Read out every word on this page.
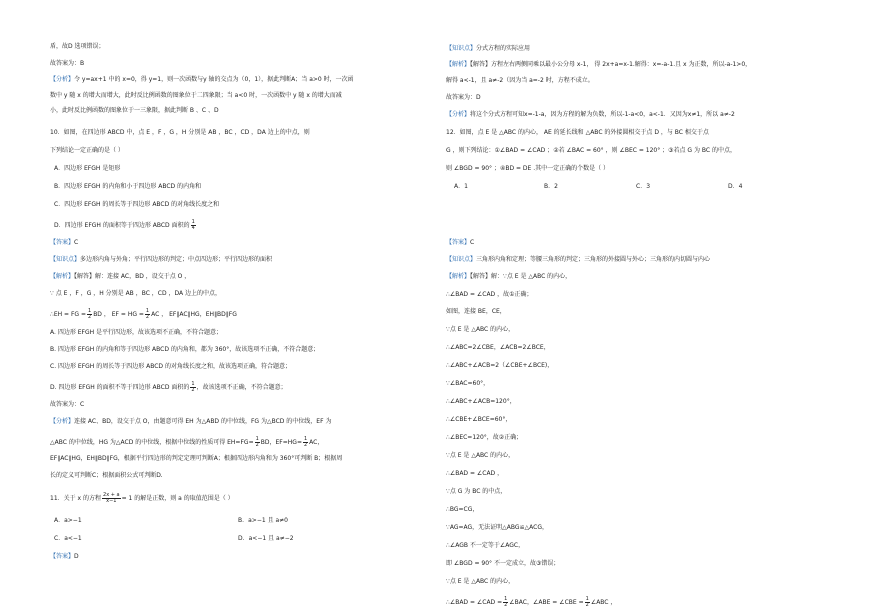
盾，故D 选项错误；
故答案为：B
【分析】令 y=ax+1 中的 x=0，得 y=1，则一次函数与y 轴的交点为（0，1），据此判断A；当 a>0 时，一次函
数中 y 随 x 的增大而增大，此时反比例函数的图象位于二四象限；当 a<0 时，一次函数中 y 随 x 的增大而减
小，此时反比例函数的图象位于一三象限，据此判断 B 、C 、D
10．如图，在四边形 ABCD 中，点 E ，F ，G ，H 分别是 AB ，BC ，CD ，DA 边上的中点，则
下列结论一定正确的是（ ）
A．四边形 EFGH 是矩形
B．四边形 EFGH 的内角和小于四边形 ABCD 的内角和
C．四边形 EFGH 的周长等于四边形 ABCD 的对角线长度之和
D．四边形 EFGH 的面积等于四边形 ABCD 面积的 $\frac{1}{4}$
【答案】C
【知识点】多边形内角与外角；平行四边形的判定；中点四边形；平行四边形的面积
【解析】【解答】解：连接 AC，BD ，设交于点 O ，
∵ 点 E ，F ，G ，H 分别是 AB ，BC ，CD ，DA 边上的中点，
∴EH = FG = $\frac{1}{2}$ BD ， EF = HG = $\frac{1}{2}$ AC ， EF∥AC∥HG，EH∥BD∥FG
A. 四边形 EFGH 是平行四边形，故该选项不正确，不符合题意；
B. 四边形 EFGH 的内角和等于四边形 ABCD 的内角和，都为 360°，故该选项不正确，不符合题意；
C. 四边形 EFGH 的周长等于四边形 ABCD 的对角线长度之和，故该选项正确，符合题意；
D. 四边形 EFGH 的面积不等于四边形 ABCD 面积的 $\frac{1}{2}$ ，故该选项不正确，不符合题意；
故答案为：C
【分析】连接 AC、BD，设交于点 O，由题意可得 EH 为△ABD 的中位线，FG 为△BCD 的中位线，EF 为
△ABC 的中位线，HG 为△ACD 的中位线，根据中位线的性质可得 $EH=FG= \frac{1}{2}$ BD，$EF=HG= \frac{1}{2}$ AC，
EF∥AC∥HG，EH∥BD∥FG，根据平行四边形的判定定理可判断A；根据四边形内角和为 360°可判断 B；根据周
长的定义可判断C；根据面积公式可判断D.
11．关于 x 的方程 $\frac{2x + a}{x-1} = 1$ 的解是正数，则 a 的取值范围是（ ）
A．a>−1	B．a>−1 且 a≠0
C．a<−1	D．a<−1 且 a≠−2
【答案】D
【知识点】分式方程的实际应用
【解析】【解答】方程左右两侧同乘以最小公分母 x-1， 得 2x+a=x-1.解得：x=-a-1.且 x 为正数，所以-a-1>0，
解得 a<-1，且 a≠-2（因为当 a=-2 时，方程不成立。
故答案为：D
【分析】将这个分式方程可知x=-1-a，因为方程的解为负数，所以-1-a<0，a<-1．又因为x≠1，所以 a≠-2
12．如图，点 E 是 △ABC 的内心， AE 的延长线和 △ABC 的外接圆相交于点 D ，与 BC 相交于点
G ，则下列结论：①∠BAD = ∠CAD ；②若 ∠BAC = 60° ，则 ∠BEC = 120° ；③若点 G 为 BC 的中点，
则 ∠BGD = 90° ；④BD = DE .其中一定正确的个数是（ ）
【答案】C
【知识点】三角形内角和定理；等腰三角形的判定；三角形的外接圆与外心；三角形的内切圆与内心
【解析】【解答】解：∵点 E 是 △ABC 的内心，
∴∠BAD = ∠CAD ，故①正确；
如图，连接 BE，CE，
∵点 E 是 △ABC 的内心，
∴∠ABC=2∠CBE，∠ACB=2∠BCE，
∴∠ABC+∠ACB=2（∠CBE+∠BCE)，
∵∠BAC=60°，
∴∠ABC+∠ACB=120°，
∴∠CBE+∠BCE=60°，
∴∠BEC=120°，故②正确；
∵点 E 是 △ABC 的内心，
∴∠BAD = ∠CAD ，
∵点 G 为 BC 的中点，
∴BG=CG，
∵AG=AG，无法证明△ABG≌△ACG，
∴∠AGB 不一定等于∠AGC，
即 ∠BGD = 90° 不一定成立，故③错误；
∵点 E 是 △ABC 的内心，
∴∠BAD = ∠CAD = $\frac{1}{2}$ ∠BAC，∠ABE = ∠CBE = $\frac{1}{2}$ ∠ABC ，
A．1	B．2	C．3	D．4
